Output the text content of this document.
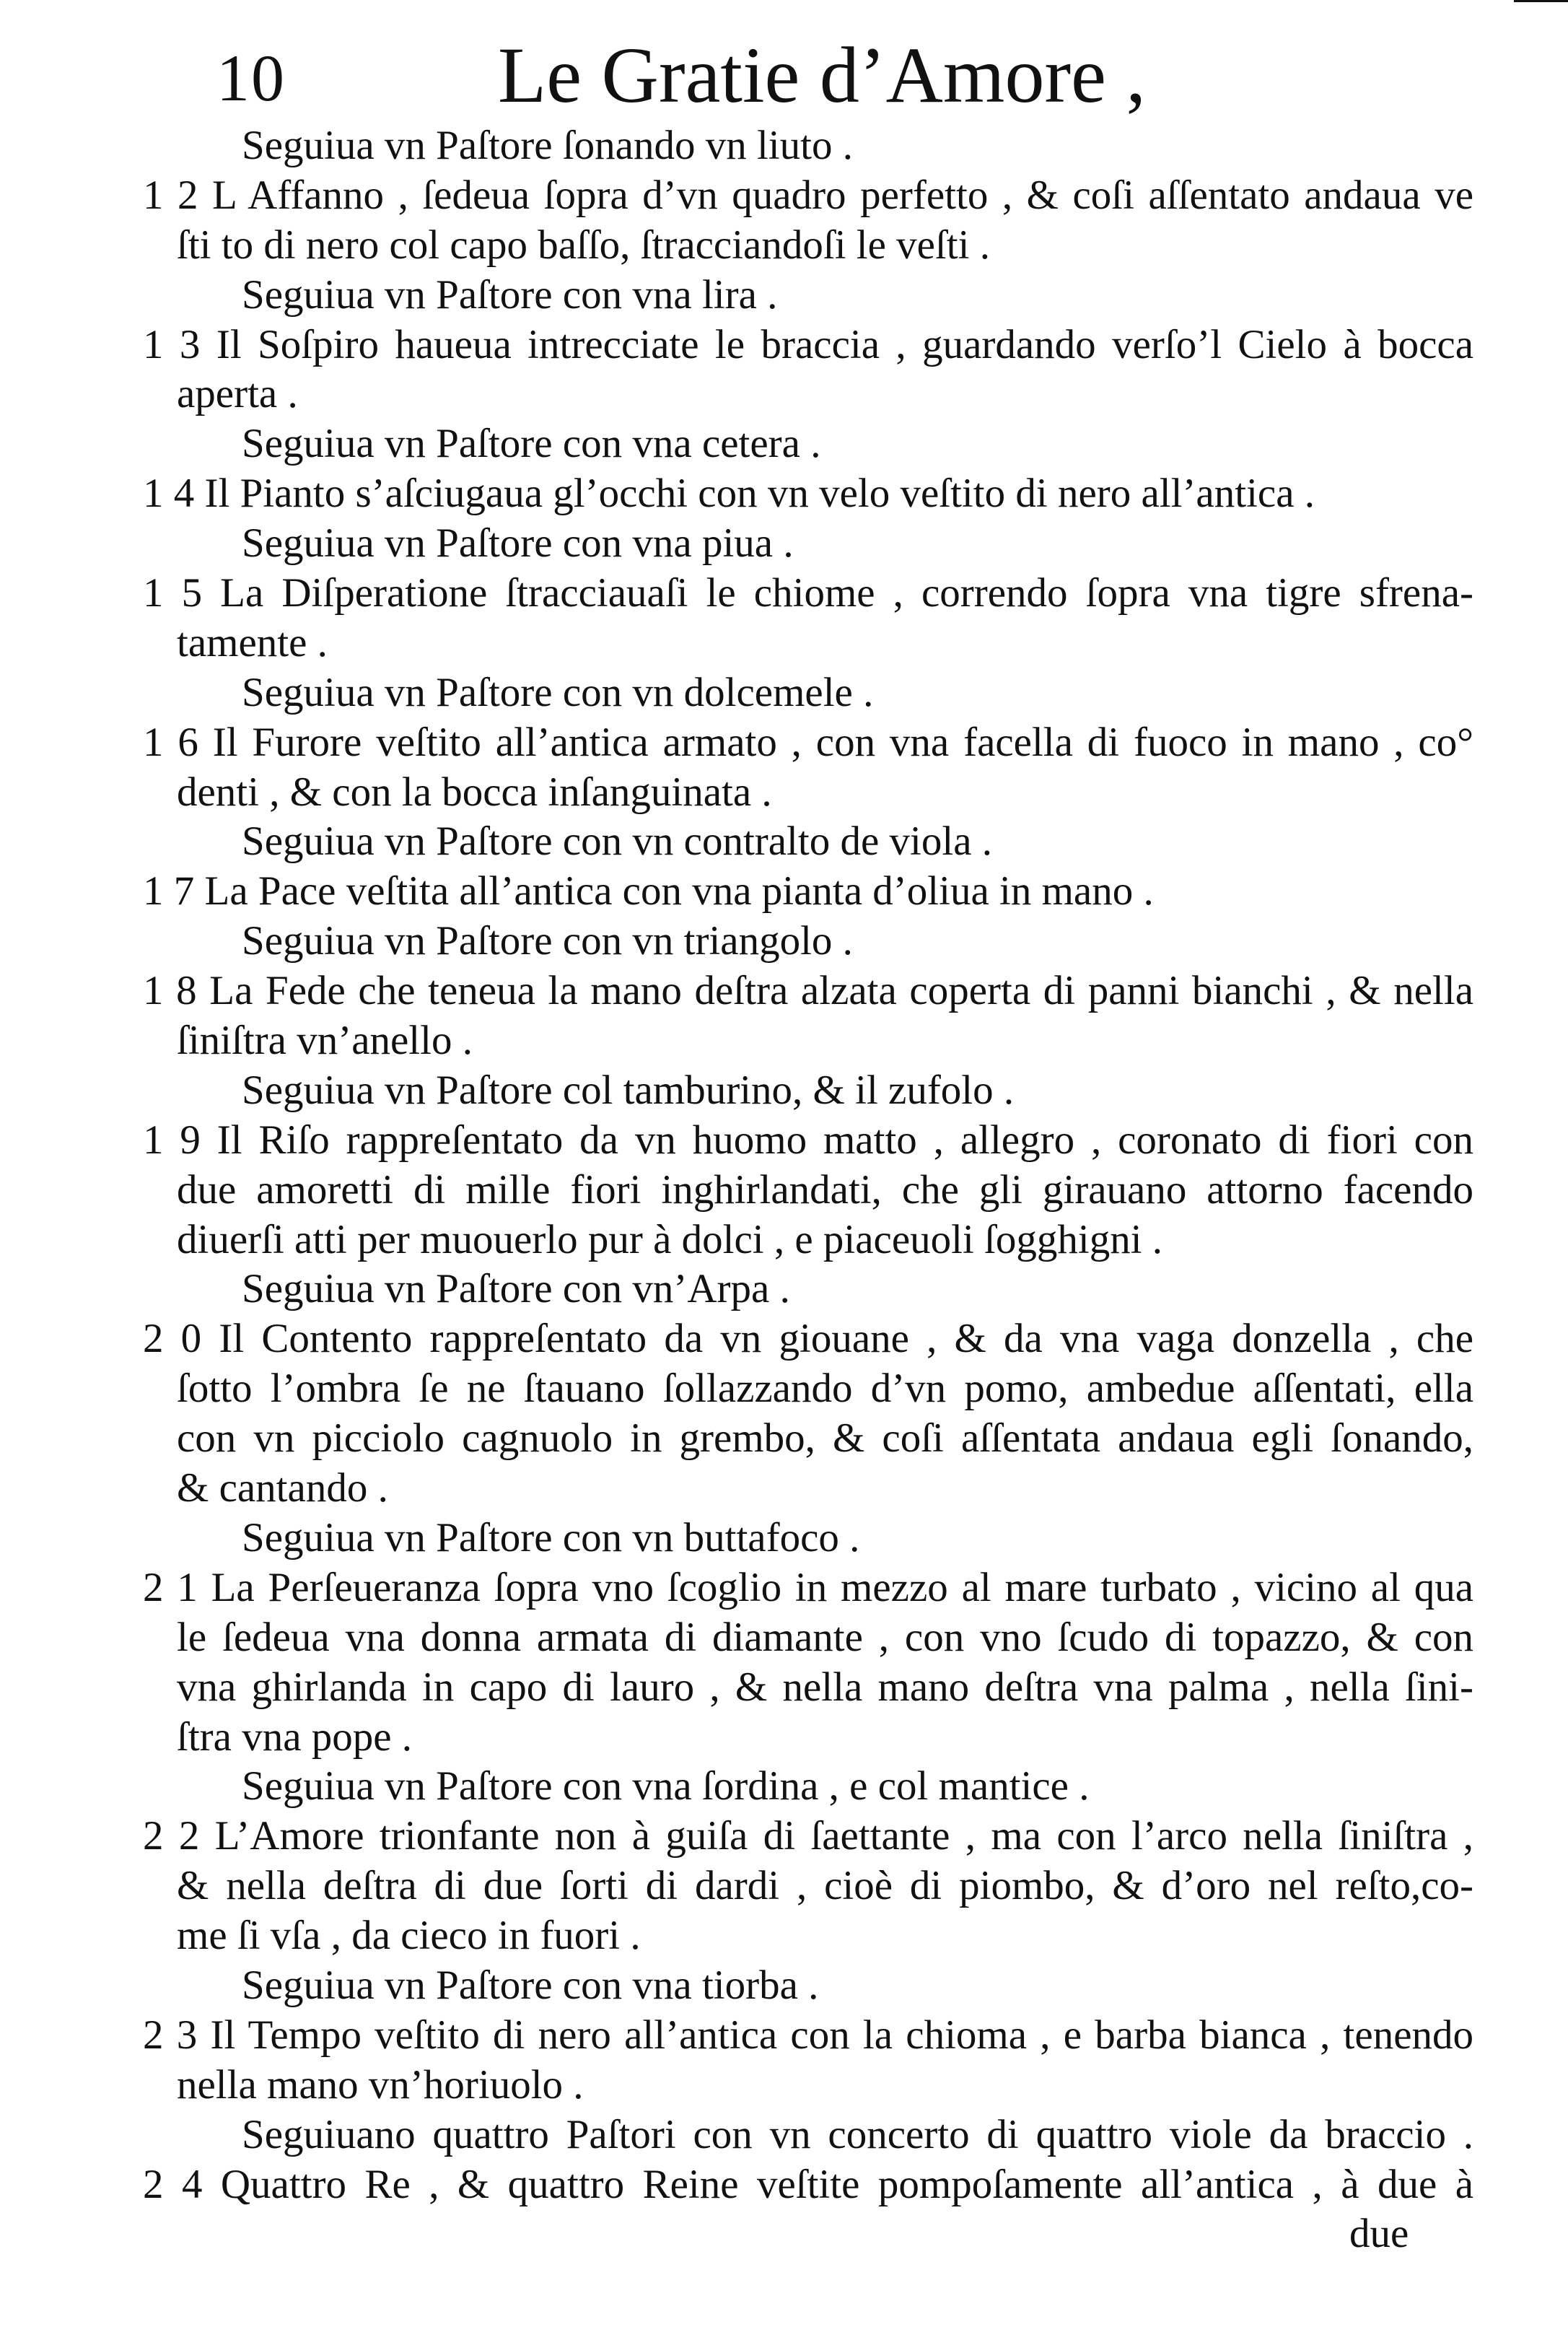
10	Le Gratie d’Amore ,
Seguiua vn Paſtore ſonando vn liuto .
1 2 L Affanno , ſedeua ſopra d’vn quadro perfetto , & coſi aſſentato andaua ve
ſti to di nero col capo baſſo, ſtracciandoſi le veſti .
Seguiua vn Paſtore con vna lira .
1 3 Il Soſpiro haueua intrecciate le braccia , guardando verſo’l Cielo à bocca
aperta .
Seguiua vn Paſtore con vna cetera .
1 4 Il Pianto s’aſciugaua gl’occhi con vn velo veſtito di nero all’antica .
Seguiua vn Paſtore con vna piua .
1 5 La Diſperatione ſtracciauaſi le chiome , correndo ſopra vna tigre sfrena-
tamente .
Seguiua vn Paſtore con vn dolcemele .
1 6 Il Furore veſtito all’antica armato , con vna facella di fuoco in mano , co°
denti , & con la bocca inſanguinata .
Seguiua vn Paſtore con vn contralto de viola .
1 7 La Pace veſtita all’antica con vna pianta d’oliua in mano .
Seguiua vn Paſtore con vn triangolo .
1 8 La Fede che teneua la mano deſtra alzata coperta di panni bianchi , & nella
ſiniſtra vn’anello .
Seguiua vn Paſtore col tamburino, & il zufolo .
1 9 Il Riſo rappreſentato da vn huomo matto , allegro , coronato di fiori con
due amoretti di mille fiori inghirlandati, che gli girauano attorno facendo
diuerſi atti per muouerlo pur à dolci , e piaceuoli ſogghigni .
Seguiua vn Paſtore con vn’Arpa .
2 0 Il Contento rappreſentato da vn giouane , & da vna vaga donzella , che
ſotto l’ombra ſe ne ſtauano ſollazzando d’vn pomo, ambedue aſſentati, ella
con vn picciolo cagnuolo in grembo, & coſi aſſentata andaua egli ſonando,
& cantando .
Seguiua vn Paſtore con vn buttafoco .
2 1 La Perſeueranza ſopra vno ſcoglio in mezzo al mare turbato , vicino al qua
le ſedeua vna donna armata di diamante , con vno ſcudo di topazzo, & con
vna ghirlanda in capo di lauro , & nella mano deſtra vna palma , nella ſini-
ſtra vna pope .
Seguiua vn Paſtore con vna ſordina , e col mantice .
2 2 L’Amore trionfante non à guiſa di ſaettante , ma con l’arco nella ſiniſtra ,
& nella deſtra di due ſorti di dardi , cioè di piombo, & d’oro nel reſto,co-
me ſi vſa , da cieco in fuori .
Seguiua vn Paſtore con vna tiorba .
2 3 Il Tempo veſtito di nero all’antica con la chioma , e barba bianca , tenendo
nella mano vn’horiuolo .
Seguiuano quattro Paſtori con vn concerto di quattro viole da braccio .
2 4 Quattro Re , & quattro Reine veſtite pompoſamente all’antica , à due à
due
